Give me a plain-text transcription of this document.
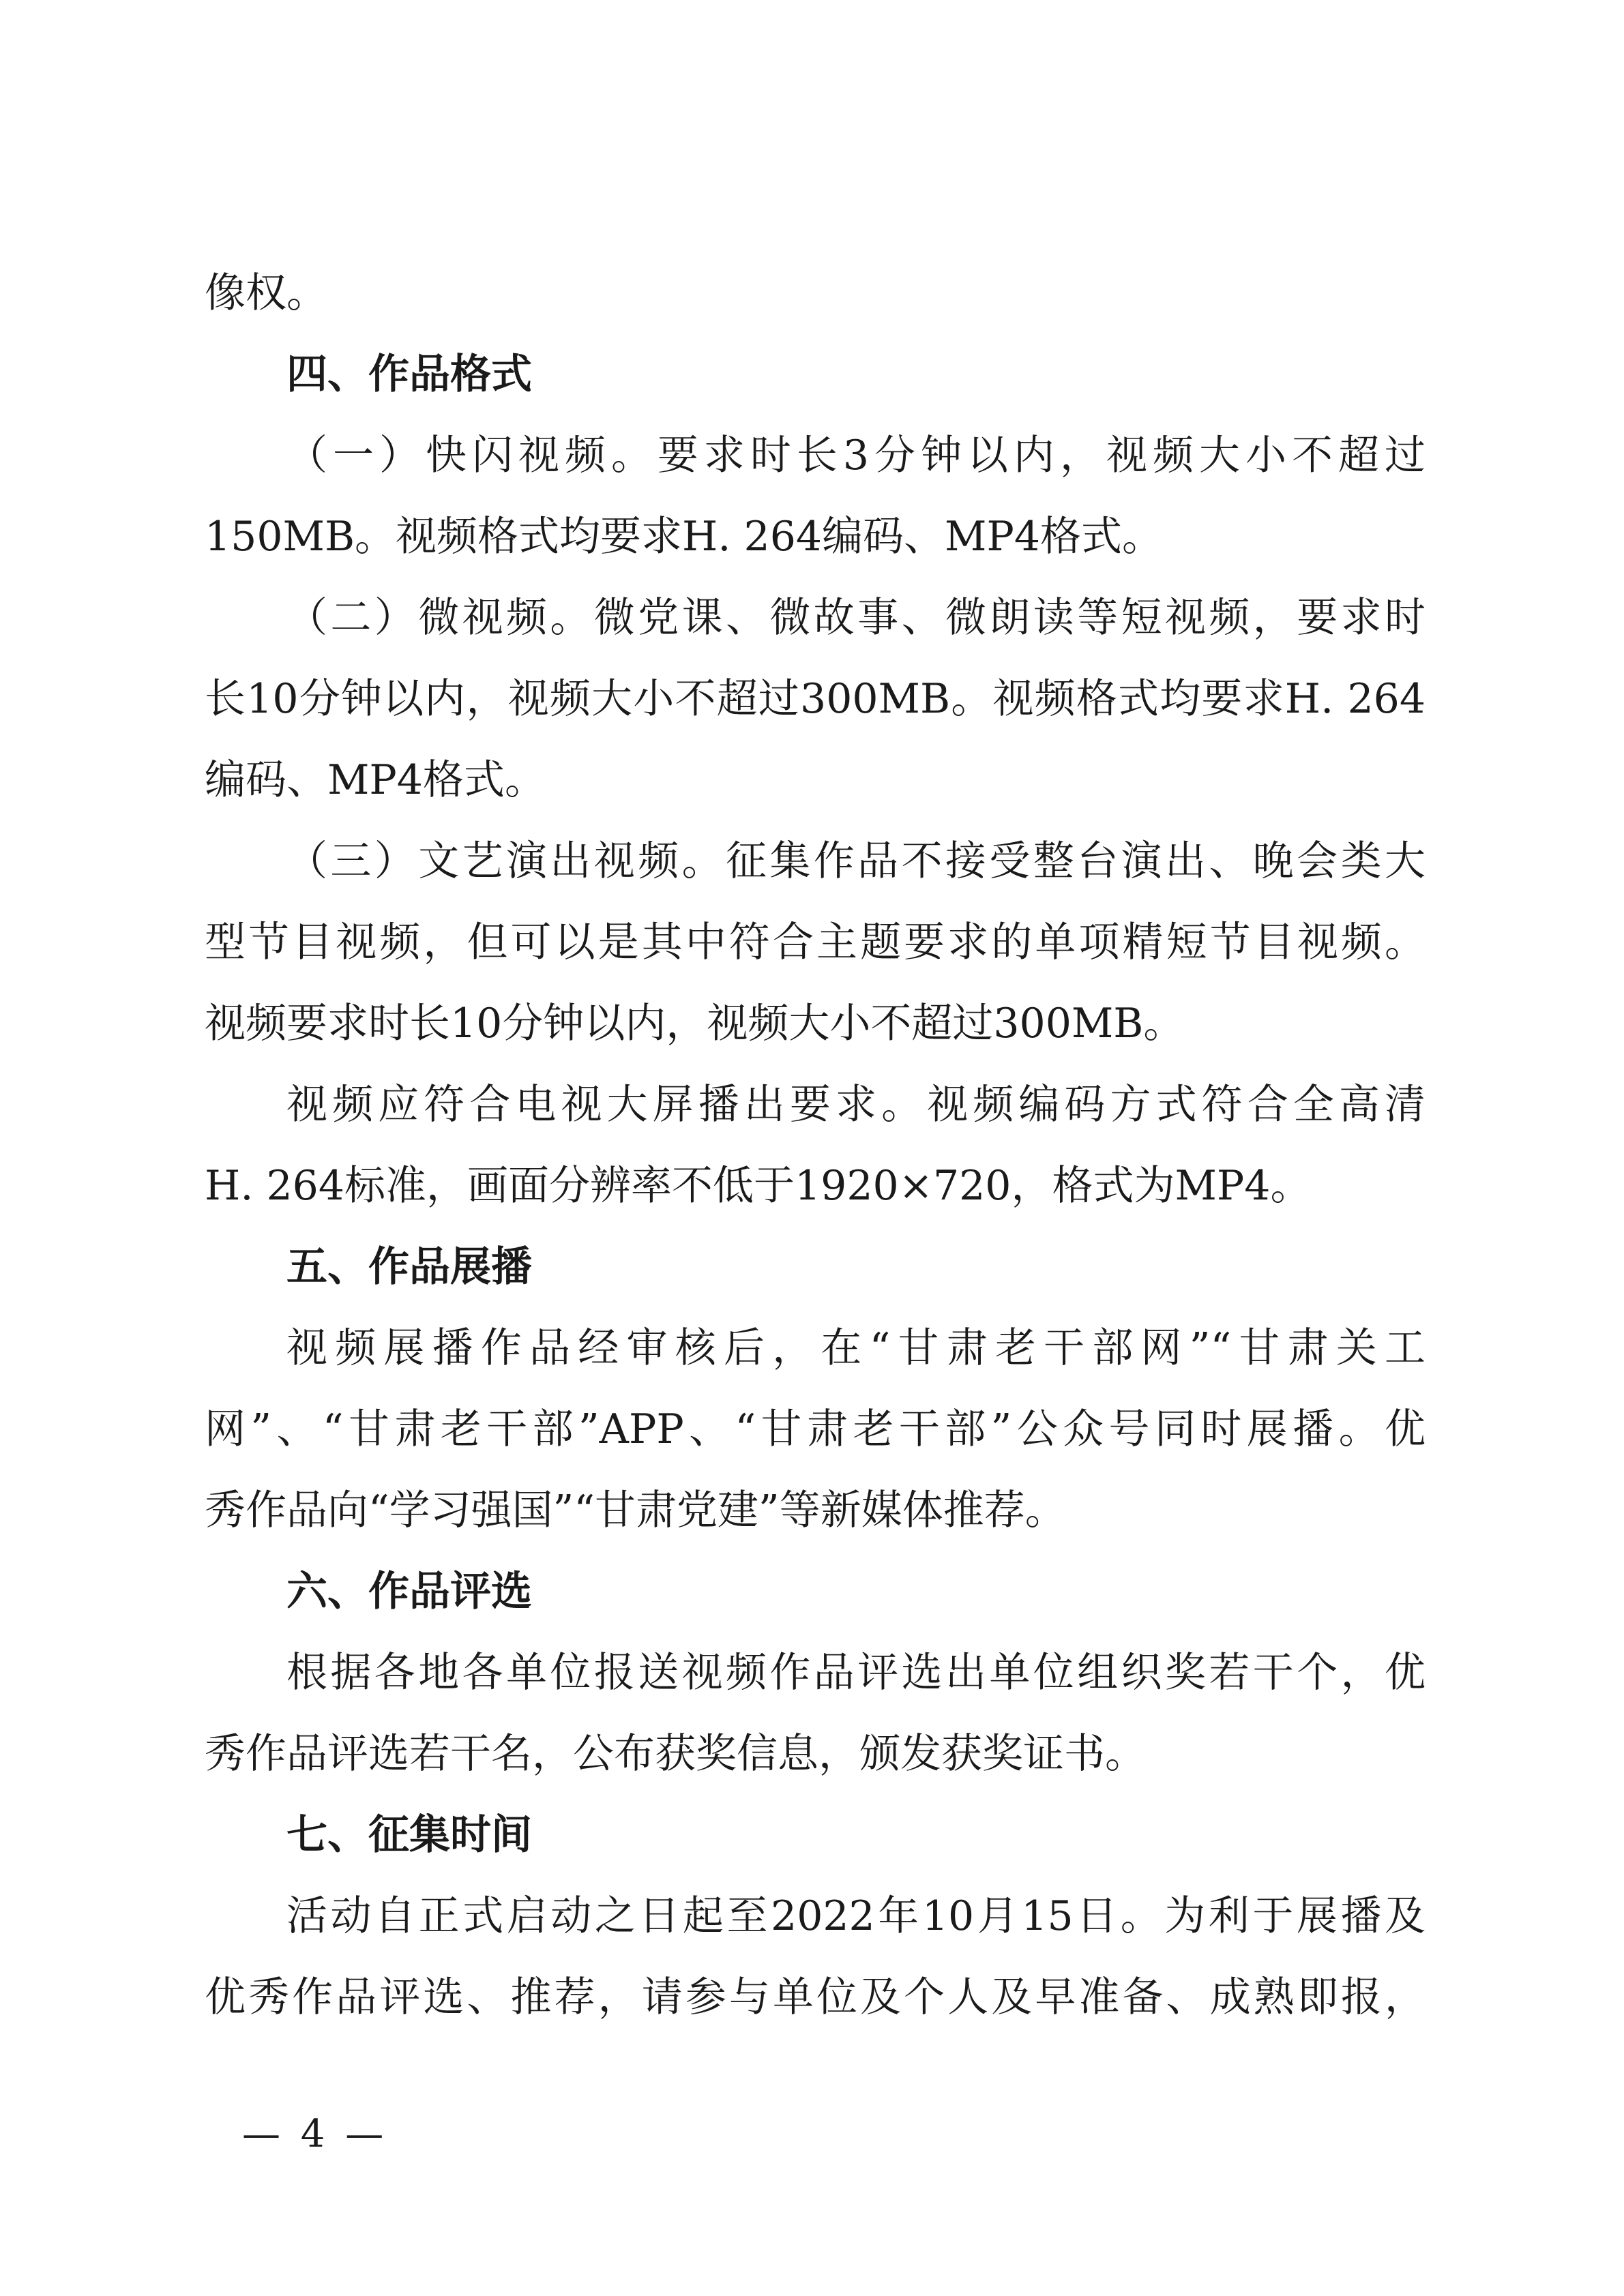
像权。
四、作品格式
（一）快闪视频。要求时长3分钟以内，视频大小不超过
150MB。视频格式均要求H. 264编码、MP4格式。
（二）微视频。微党课、微故事、微朗读等短视频，要求时
长10分钟以内，视频大小不超过300MB。视频格式均要求H. 264
编码、MP4格式。
（三）文艺演出视频。征集作品不接受整台演出、晚会类大
型节目视频，但可以是其中符合主题要求的单项精短节目视频。
视频要求时长10分钟以内，视频大小不超过300MB。
视频应符合电视大屏播出要求。视频编码方式符合全高清
H. 264标准，画面分辨率不低于1920×720，格式为MP4。
五、作品展播
视频展播作品经审核后，在“甘肃老干部网”“甘肃关工
网”、“甘肃老干部”APP、“甘肃老干部”公众号同时展播。优
秀作品向“学习强国”“甘肃党建”等新媒体推荐。
六、作品评选
根据各地各单位报送视频作品评选出单位组织奖若干个，优
秀作品评选若干名，公布获奖信息，颁发获奖证书。
七、征集时间
活动自正式启动之日起至2022年10月15日。为利于展播及
优秀作品评选、推荐，请参与单位及个人及早准备、成熟即报，
— 4 —
